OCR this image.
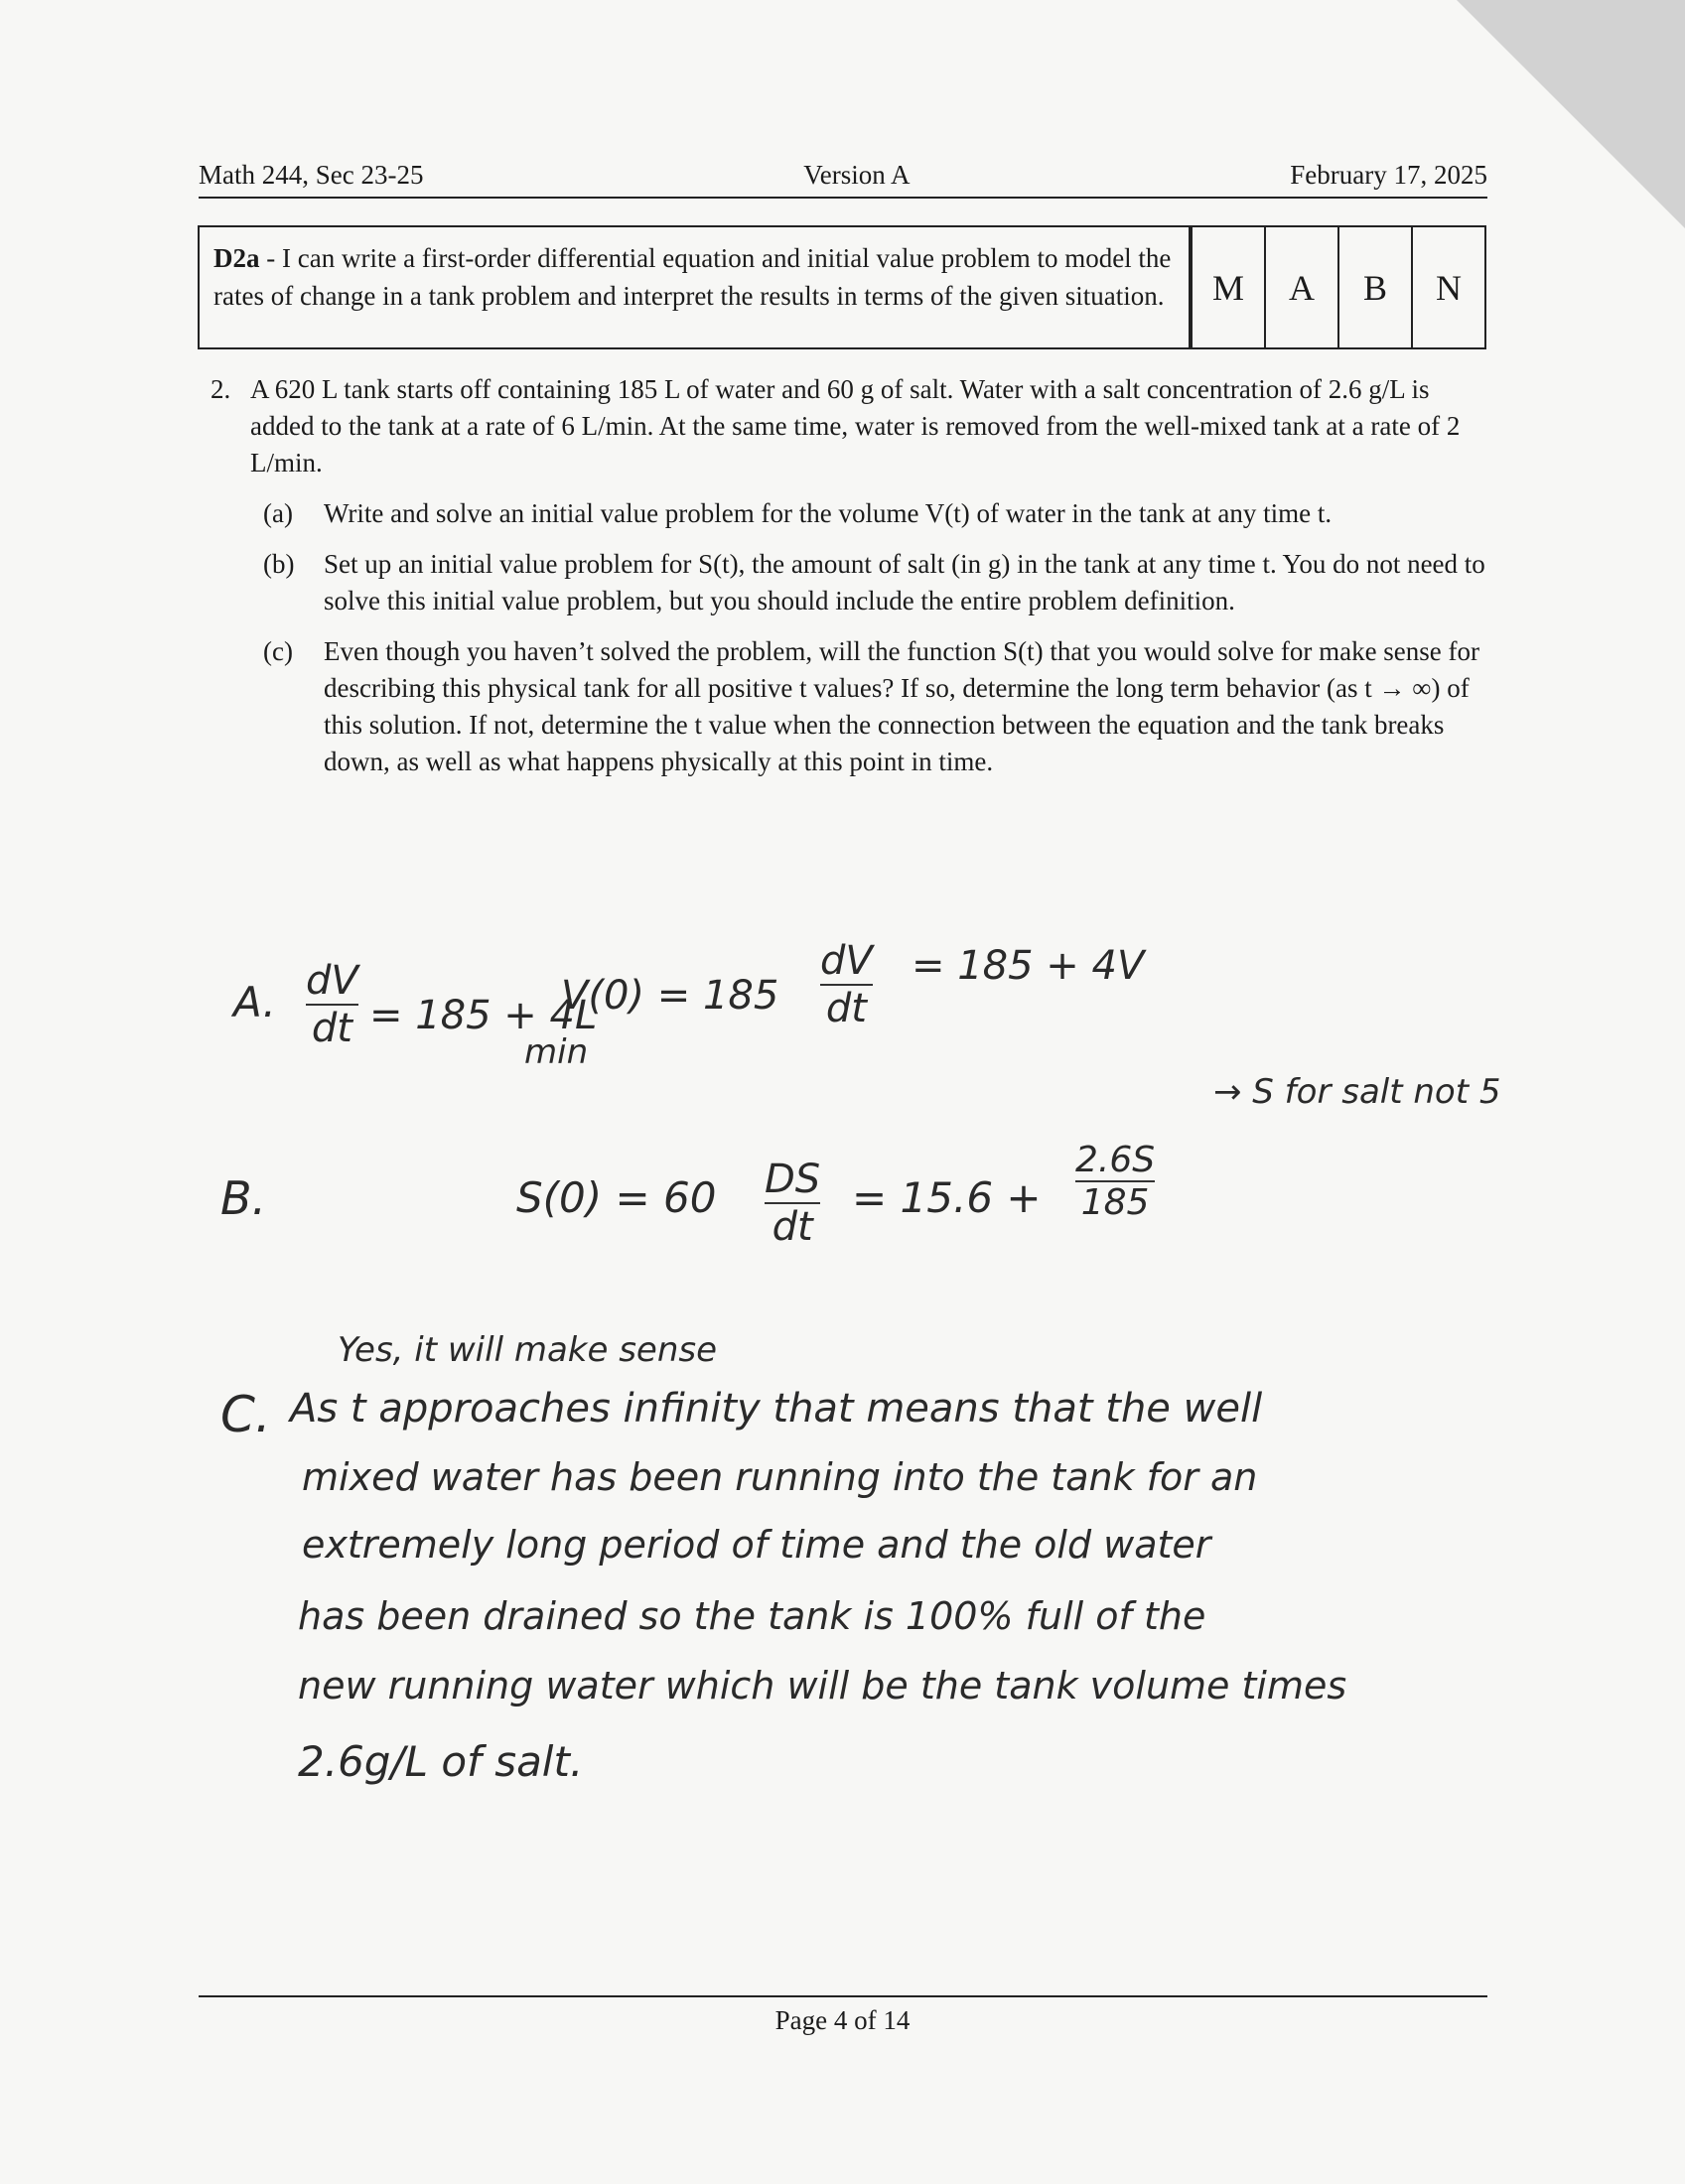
Math 244, Sec 23-25	Version A	February 17, 2025
D2a - I can write a first-order differential equation and initial value problem to model the rates of change in a tank problem and interpret the results in terms of the given situation.	M	A	B	N
2. A 620 L tank starts off containing 185 L of water and 60 g of salt. Water with a salt concentration of 2.6 g/L is added to the tank at a rate of 6 L/min. At the same time, water is removed from the well-mixed tank at a rate of 2 L/min.
(a) Write and solve an initial value problem for the volume V(t) of water in the tank at any time t.
(b) Set up an initial value problem for S(t), the amount of salt (in g) in the tank at any time t. You do not need to solve this initial value problem, but you should include the entire problem definition.
(c) Even though you haven’t solved the problem, will the function S(t) that you would solve for make sense for describing this physical tank for all positive t values? If so, determine the long term behavior (as t → ∞) of this solution. If not, determine the t value when the connection between the equation and the tank breaks down, as well as what happens physically at this point in time.
A. dV
dt = 185 + 4L
min
V(0) = 185
dV
dt
= 185 + 4V
B.	S(0) = 60 DS
dt
= 15.6 +
2.6S
185
→ S for salt not 5
Yes, it will make sense
C. As t approaches infinity that means that the well
mixed water has been running into the tank for an
extremely long period of time and the old water
has been drained so the tank is 100% full of the
new running water which will be the tank volume times
2.6g/L of salt.
Page 4 of 14
